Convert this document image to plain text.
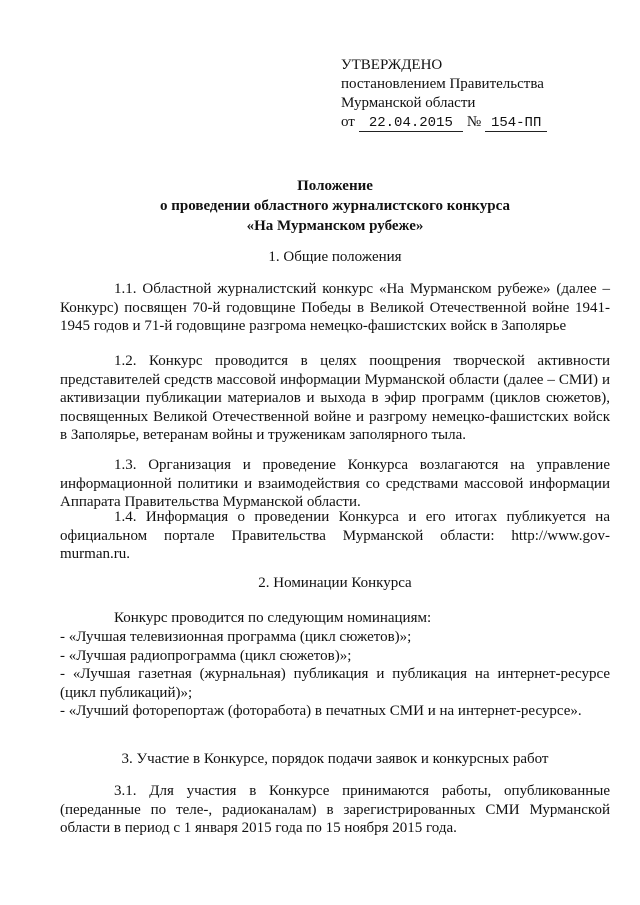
УТВЕРЖДЕНО
постановлением Правительства
Мурманской области
от 22.04.2015 № 154-ПП
Положение
о проведении областного журналистского конкурса
«На Мурманском рубеже»
1. Общие положения
1.1. Областной журналистский конкурс «На Мурманском рубеже» (далее – Конкурс) посвящен 70-й годовщине Победы в Великой Отечественной войне 1941-1945 годов и 71-й годовщине разгрома немецко-фашистских войск в Заполярье
1.2. Конкурс проводится в целях поощрения творческой активности представителей средств массовой информации Мурманской области (далее – СМИ) и активизации публикации материалов и выхода в эфир программ (циклов сюжетов), посвященных Великой Отечественной войне и разгрому немецко-фашистских войск в Заполярье, ветеранам войны и труженикам заполярного тыла.
1.3. Организация и проведение Конкурса возлагаются на управление информационной политики и взаимодействия со средствами массовой информации Аппарата Правительства Мурманской области.
1.4. Информация о проведении Конкурса и его итогах публикуется на официальном портале Правительства Мурманской области: http://www.gov-murman.ru.
2. Номинации Конкурса
Конкурс проводится по следующим номинациям:
- «Лучшая телевизионная программа (цикл сюжетов)»;
- «Лучшая радиопрограмма (цикл сюжетов)»;
- «Лучшая газетная (журнальная) публикация и публикация на интернет-ресурсе (цикл публикаций)»;
- «Лучший фоторепортаж (фоторабота) в печатных СМИ и на интернет-ресурсе».
3. Участие в Конкурсе, порядок подачи заявок и конкурсных работ
3.1. Для участия в Конкурсе принимаются работы, опубликованные (переданные по теле-, радиоканалам) в зарегистрированных СМИ Мурманской области в период с 1 января 2015 года по 15 ноября 2015 года.
